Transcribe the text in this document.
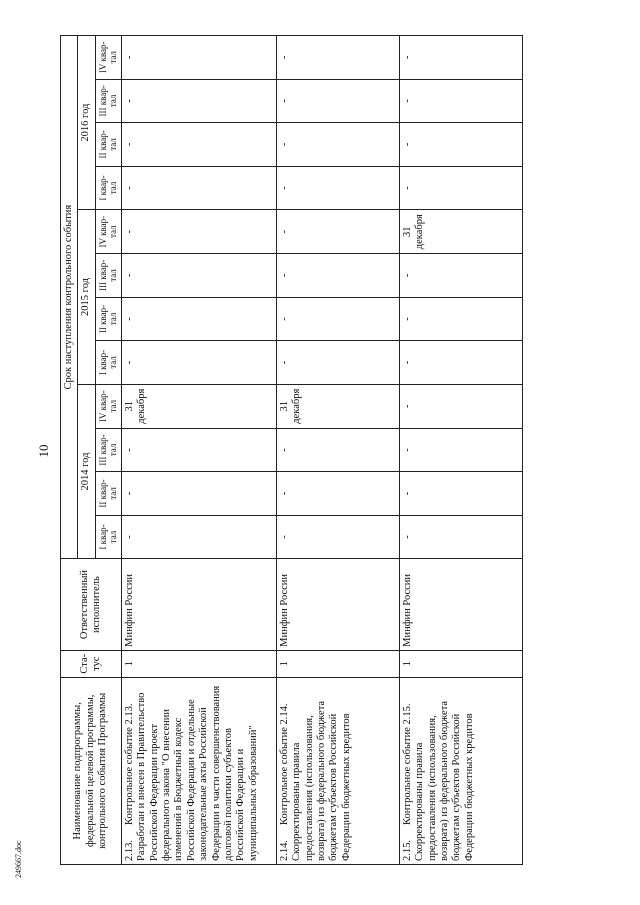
10
Наименование подпрограммы, федеральной целевой программы, контрольного события Программы	Ста-тус	Ответственный исполнитель	Срок наступления контрольного события											
			2014 год				2015 год				2016 год			
			I квар-тал	II квар-тал	III квар-тал	IV квар-тал	I квар-тал	II квар-тал	III квар-тал	IV квар-тал	I квар-тал	II квар-тал	III квар-тал	IV квар-тал
2.13.Контрольное событие 2.13. Разработан и внесен в Правительство Российской Федерации проект федерального закона "О внесении изменений в Бюджетный кодекс Российской Федерации и отдельные законодательные акты Российской Федерации в части совершенствования долговой политики субъектов Российской Федерации и муниципальных образований"	1	Минфин России	-	-	-	31 декабря	-	-	-	-	-	-	-	-
2.14.Контрольное событие 2.14. Скорректированы правила предоставления (использования, возврата) из федерального бюджета бюджетам субъектов Российской Федерации бюджетных кредитов	1	Минфин России	-	-	-	31 декабря	-	-	-	-	-	-	-	-
2.15.Контрольное событие 2.15. Скорректированы правила предоставления (использования, возврата) из федерального бюджета бюджетам субъектов Российской Федерации бюджетных кредитов	1	Минфин России	-	-	-	-	-	-	-	31 декабря	-	-	-	-
249667.doc
